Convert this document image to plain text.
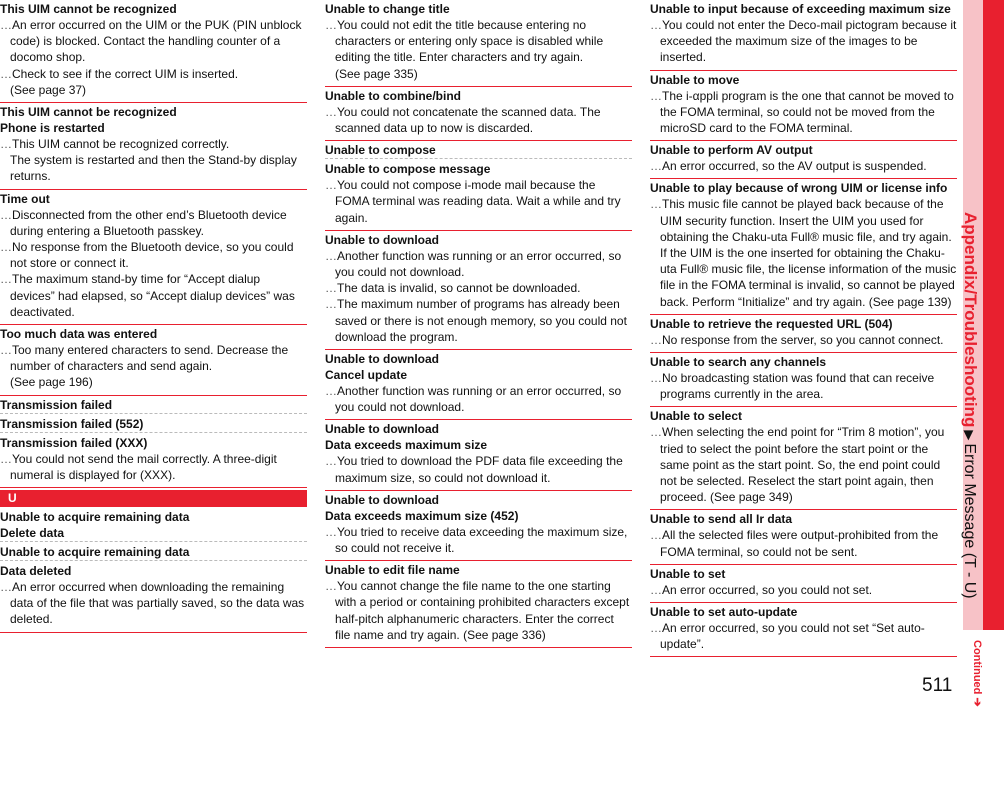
This UIM cannot be recognized
…An error occurred on the UIM or the PUK (PIN unblock code) is blocked. Contact the handling counter of a docomo shop.
…Check to see if the correct UIM is inserted.
(See page 37)
This UIM cannot be recognized
Phone is restarted
…This UIM cannot be recognized correctly.
The system is restarted and then the Stand-by display returns.
Time out
…Disconnected from the other end’s Bluetooth device during entering a Bluetooth passkey.
…No response from the Bluetooth device, so you could not store or connect it.
…The maximum stand-by time for “Accept dialup devices” had elapsed, so “Accept dialup devices” was deactivated.
Too much data was entered
…Too many entered characters to send. Decrease the number of characters and send again.
(See page 196)
Transmission failed
Transmission failed (552)
Transmission failed (XXX)
…You could not send the mail correctly. A three-digit numeral is displayed for (XXX).
U
Unable to acquire remaining data
Delete data
Unable to acquire remaining data
Data deleted
…An error occurred when downloading the remaining data of the file that was partially saved, so the data was deleted.
Unable to change title
…You could not edit the title because entering no characters or entering only space is disabled while editing the title. Enter characters and try again.
(See page 335)
Unable to combine/bind
…You could not concatenate the scanned data. The scanned data up to now is discarded.
Unable to compose
Unable to compose message
…You could not compose i-mode mail because the FOMA terminal was reading data. Wait a while and try again.
Unable to download
…Another function was running or an error occurred, so you could not download.
…The data is invalid, so cannot be downloaded.
…The maximum number of programs has already been saved or there is not enough memory, so you could not download the program.
Unable to download
Cancel update
…Another function was running or an error occurred, so you could not download.
Unable to download
Data exceeds maximum size
…You tried to download the PDF data file exceeding the maximum size, so could not download it.
Unable to download
Data exceeds maximum size (452)
…You tried to receive data exceeding the maximum size, so could not receive it.
Unable to edit file name
…You cannot change the file name to the one starting with a period or containing prohibited characters except half-pitch alphanumeric characters. Enter the correct file name and try again. (See page 336)
Unable to input because of exceeding maximum size
…You could not enter the Deco-mail pictogram because it exceeded the maximum size of the images to be inserted.
Unable to move
…The i-αppli program is the one that cannot be moved to the FOMA terminal, so could not be moved from the microSD card to the FOMA terminal.
Unable to perform AV output
…An error occurred, so the AV output is suspended.
Unable to play because of wrong UIM or license info
…This music file cannot be played back because of the UIM security function. Insert the UIM you used for obtaining the Chaku-uta Full® music file, and try again. If the UIM is the one inserted for obtaining the Chaku-uta Full® music file, the license information of the music file in the FOMA terminal is invalid, so cannot be played back. Perform “Initialize” and try again. (See page 139)
Unable to retrieve the requested URL (504)
…No response from the server, so you cannot connect.
Unable to search any channels
…No broadcasting station was found that can receive programs currently in the area.
Unable to select
…When selecting the end point for “Trim 8 motion”, you tried to select the point before the start point or the same point as the start point. So, the end point could not be selected. Reselect the start point again, then proceed. (See page 349)
Unable to send all Ir data
…All the selected files were output-prohibited from the FOMA terminal, so could not be sent.
Unable to set
…An error occurred, so you could not set.
Unable to set auto-update
…An error occurred, so you could not set “Set auto-update”.
Appendix/Troubleshooting▶Error Message (T - U)
Continued ➔
511
